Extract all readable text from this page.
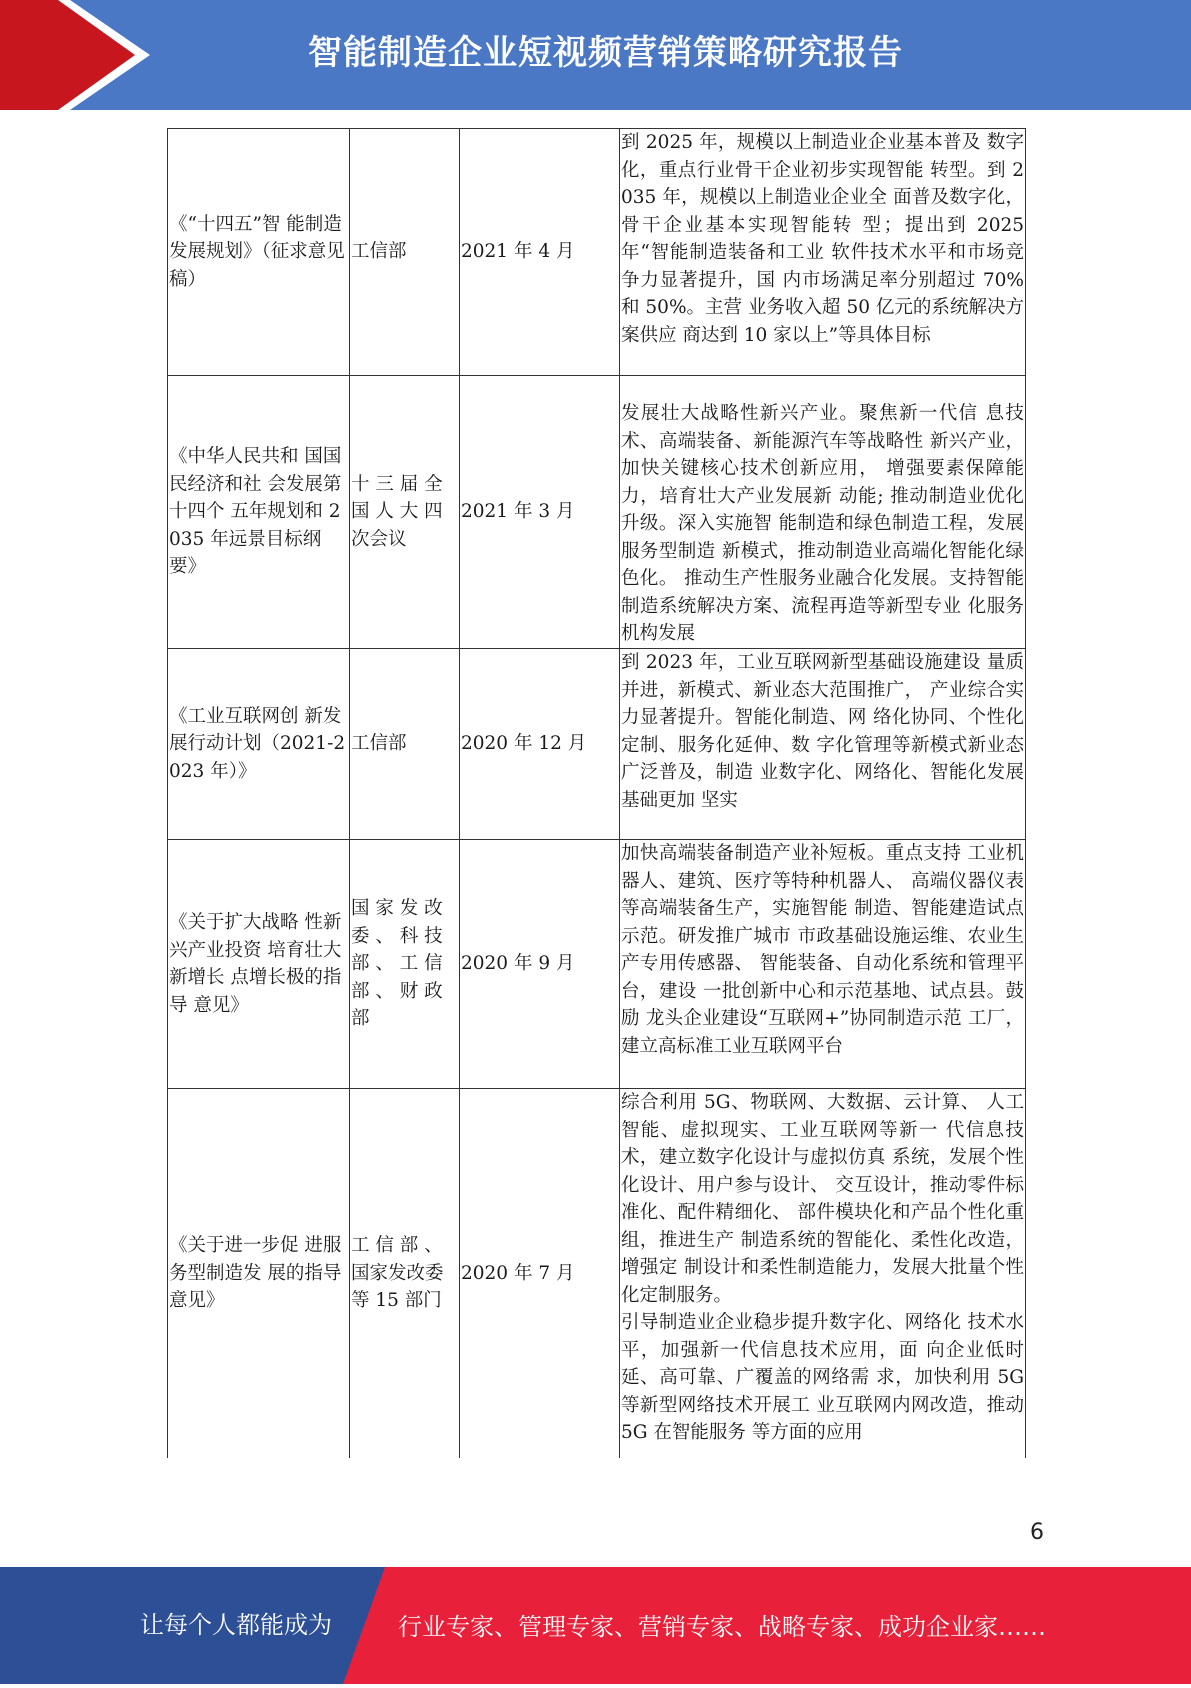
智能制造企业短视频营销策略研究报告
《“十四五”智 能制造发展规划》（征求意见稿）	工信部	2021 年 4 月	到 2025 年，规模以上制造业企业基本普及 数字化，重点行业骨干企业初步实现智能 转型。到 2035 年，规模以上制造业企业全 面普及数字化，骨干企业基本实现智能转 型；提出到 2025 年“智能制造装备和工业 软件技术水平和市场竞争力显著提升，国 内市场满足率分别超过 70%和 50%。主营 业务收入超 50 亿元的系统解决方案供应 商达到 10 家以上”等具体目标
《中华人民共和 国国民经济和社 会发展第十四个 五年规划和 2035 年远景目标纲要》	十 三 届 全 国 人 大 四 次会议	2021 年 3 月	发展壮大战略性新兴产业。聚焦新一代信 息技术、高端装备、新能源汽车等战略性 新兴产业，加快关键核心技术创新应用， 增强要素保障能力，培育壮大产业发展新 动能; 推动制造业优化升级。深入实施智 能制造和绿色制造工程，发展服务型制造 新模式，推动制造业高端化智能化绿色化。 推动生产性服务业融合化发展。支持智能 制造系统解决方案、流程再造等新型专业 化服务机构发展
《工业互联网创 新发展行动计划（2021-2023 年）》	工信部	2020 年 12 月	到 2023 年，工业互联网新型基础设施建设 量质并进，新模式、新业态大范围推广， 产业综合实力显著提升。智能化制造、网 络化协同、个性化定制、服务化延伸、数 字化管理等新模式新业态广泛普及，制造 业数字化、网络化、智能化发展基础更加 坚实
《关于扩大战略 性新兴产业投资 培育壮大新增长 点增长极的指导 意见》	国 家 发 改 委 、 科 技 部 、 工 信 部 、 财 政 部	2020 年 9 月	加快高端装备制造产业补短板。重点支持 工业机器人、建筑、医疗等特种机器人、 高端仪器仪表等高端装备生产，实施智能 制造、智能建造试点示范。研发推广城市 市政基础设施运维、农业生产专用传感器、 智能装备、自动化系统和管理平台，建设 一批创新中心和示范基地、试点县。鼓励 龙头企业建设“互联网+”协同制造示范 工厂，建立高标准工业互联网平台
《关于进一步促 进服务型制造发 展的指导意见》	工 信 部 、国家发改委等 15 部门	2020 年 7 月	综合利用 5G、物联网、大数据、云计算、 人工智能、虚拟现实、工业互联网等新一 代信息技术，建立数字化设计与虚拟仿真 系统，发展个性化设计、用户参与设计、 交互设计，推动零件标准化、配件精细化、 部件模块化和产品个性化重组，推进生产 制造系统的智能化、柔性化改造，增强定 制设计和柔性制造能力，发展大批量个性 化定制服务。
引导制造业企业稳步提升数字化、网络化 技术水平，加强新一代信息技术应用，面 向企业低时延、高可靠、广覆盖的网络需 求，加快利用 5G 等新型网络技术开展工 业互联网内网改造，推动 5G 在智能服务 等方面的应用
6
让每个人都能成为	行业专家、管理专家、营销专家、战略专家、成功企业家……
